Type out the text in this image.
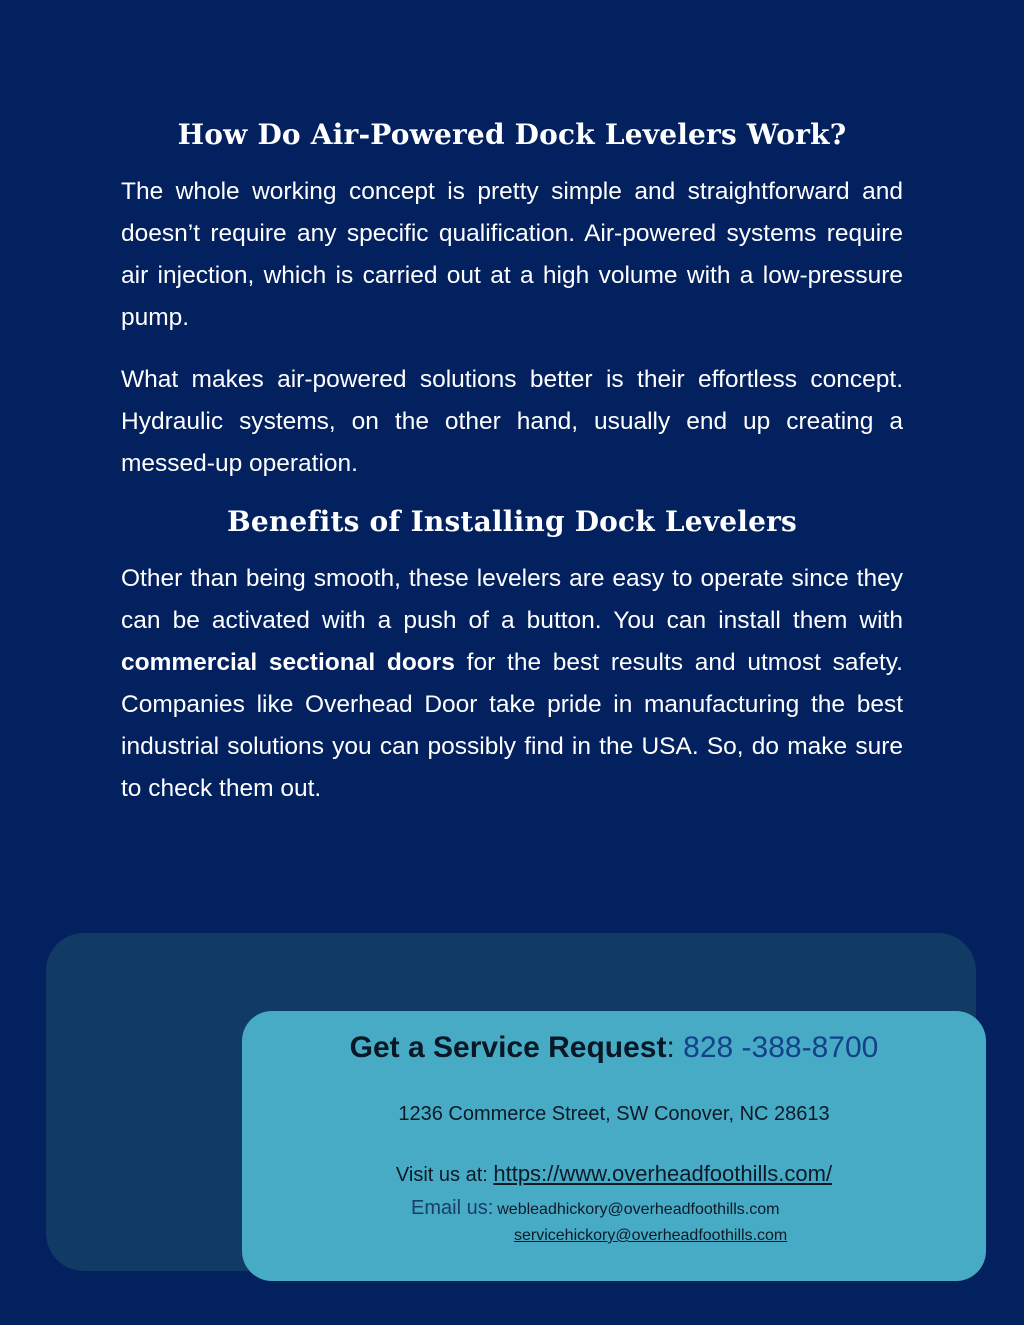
How Do Air-Powered Dock Levelers Work?

The whole working concept is pretty simple and straightforward and doesn’t require any specific qualification. Air-powered systems require air injection, which is carried out at a high volume with a low-pressure pump.

What makes air-powered solutions better is their effortless concept. Hydraulic systems, on the other hand, usually end up creating a messed-up operation.

Benefits of Installing Dock Levelers

Other than being smooth, these levelers are easy to operate since they can be activated with a push of a button. You can install them with commercial sectional doors for the best results and utmost safety. Companies like Overhead Door take pride in manufacturing the best industrial solutions you can possibly find in the USA. So, do make sure to check them out.

Get a Service Request: 828 -388-8700
1236 Commerce Street, SW Conover, NC 28613
Visit us at: https://www.overheadfoothills.com/
Email us: webleadhickory@overheadfoothills.com
servicehickory@overheadfoothills.com
